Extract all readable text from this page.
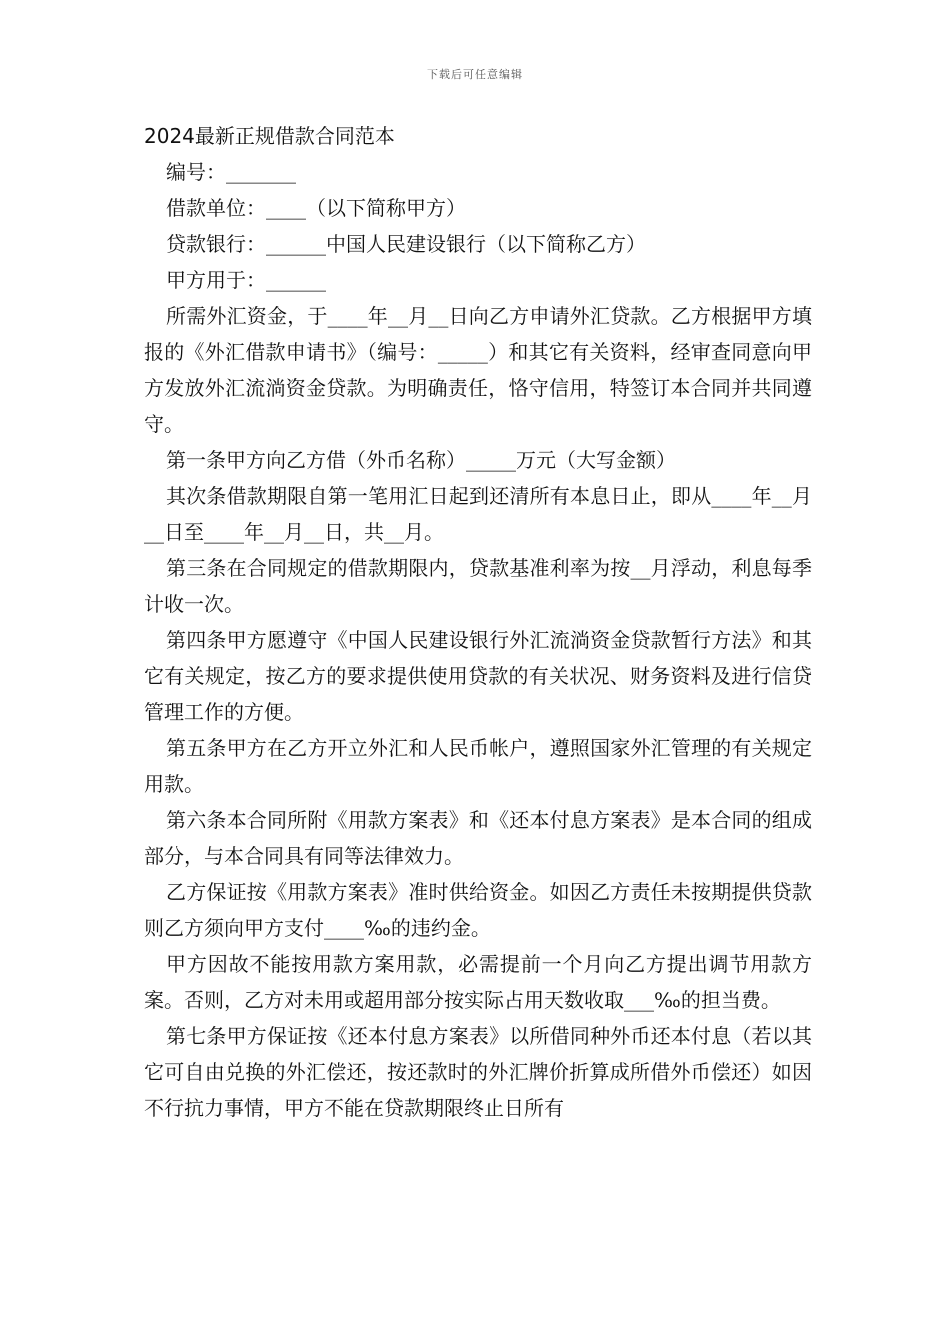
下载后可任意编辑

2024最新正规借款合同范本

编号：_______

借款单位：____（以下简称甲方）

贷款银行：______中国人民建设银行（以下简称乙方）

甲方用于：______

所需外汇资金，于____年__月__日向乙方申请外汇贷款。乙方根据甲方填报的《外汇借款申请书》（编号：_____）和其它有关资料，经审查同意向甲方发放外汇流淌资金贷款。为明确责任，恪守信用，特签订本合同并共同遵守。

第一条甲方向乙方借（外币名称）_____万元（大写金额）

其次条借款期限自第一笔用汇日起到还清所有本息日止，即从____年__月__日至____年__月__日，共__月。

第三条在合同规定的借款期限内，贷款基准利率为按__月浮动，利息每季计收一次。

第四条甲方愿遵守《中国人民建设银行外汇流淌资金贷款暂行方法》和其它有关规定，按乙方的要求提供使用贷款的有关状况、财务资料及进行信贷管理工作的方便。

第五条甲方在乙方开立外汇和人民币帐户，遵照国家外汇管理的有关规定用款。

第六条本合同所附《用款方案表》和《还本付息方案表》是本合同的组成部分，与本合同具有同等法律效力。

乙方保证按《用款方案表》准时供给资金。如因乙方责任未按期提供贷款则乙方须向甲方支付____‰的违约金。

甲方因故不能按用款方案用款，必需提前一个月向乙方提出调节用款方案。否则，乙方对未用或超用部分按实际占用天数收取___‰的担当费。

第七条甲方保证按《还本付息方案表》以所借同种外币还本付息（若以其它可自由兑换的外汇偿还，按还款时的外汇牌价折算成所借外币偿还）如因不行抗力事情，甲方不能在贷款期限终止日所有
